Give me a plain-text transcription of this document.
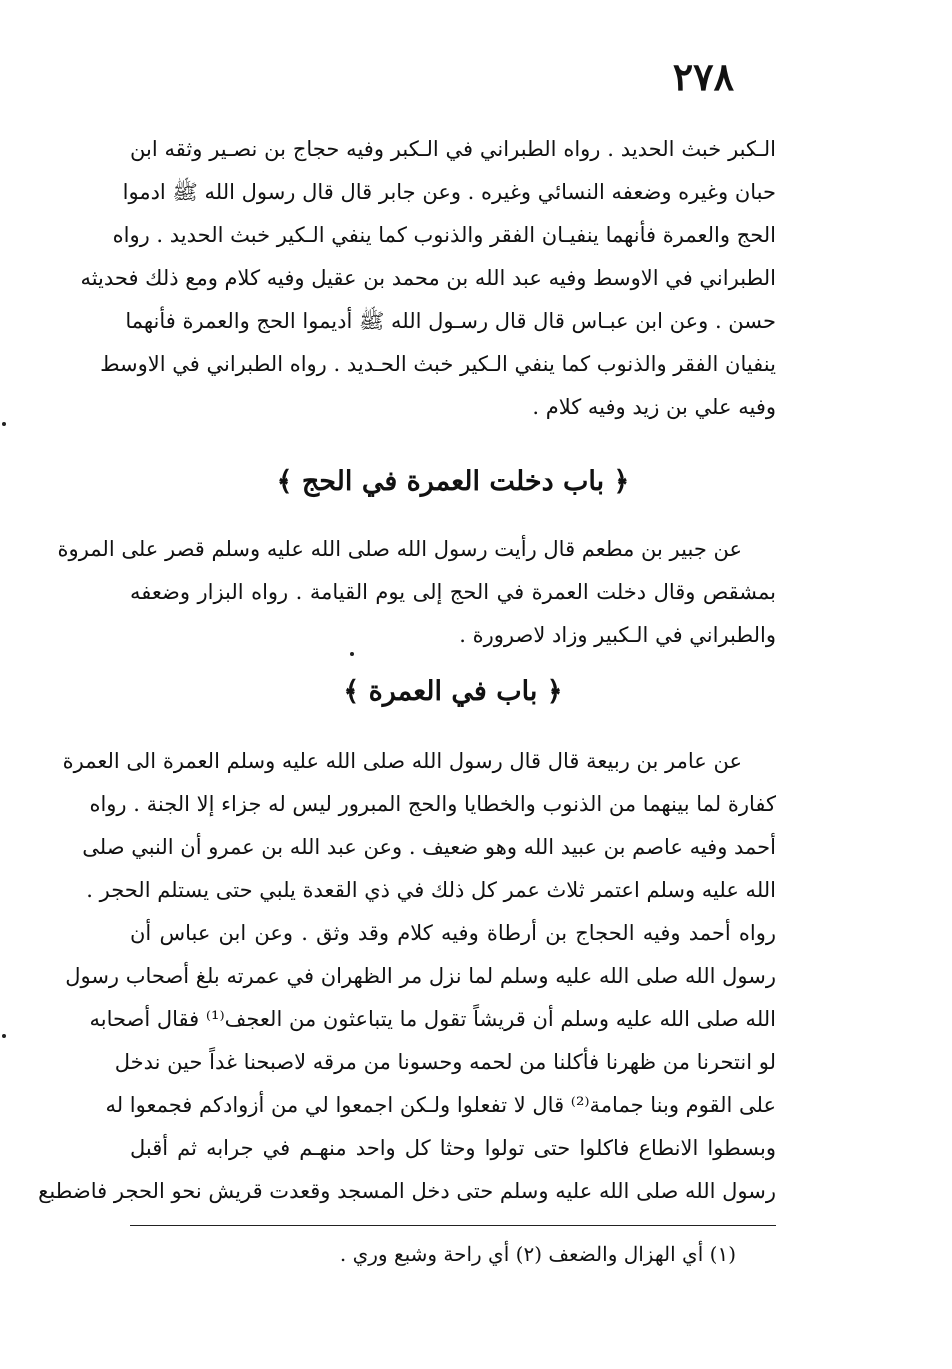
٢٧٨
الـكبر خبث الحديد . رواه الطبراني في الـكبر وفيه حجاج بن نصـير وثقه ابن
حبان وغيره وضعفه النسائي وغيره . وعن جابر قال قال رسول الله ﷺ ادموا
الحج والعمرة فأنهما ينفيـان الفقر والذنوب كما ينفي الـكير خبث الحديد . رواه
الطبراني في الاوسط وفيه عبد الله بن محمد بن عقيل وفيه كلام ومع ذلك فحديثه
حسن . وعن ابن عبـاس قال قال رسـول الله ﷺ أديموا الحج والعمرة فأنهما
ينفيان الفقر والذنوب كما ينفي الـكير خبث الحـديد . رواه الطبراني في الاوسط
وفيه علي بن زيد وفيه كلام .
﴿ باب دخلت العمرة في الحج ﴾
عن جبير بن مطعم قال رأيت رسول الله صلى الله عليه وسلم قصر على المروة
بمشقص وقال دخلت العمرة في الحج إلى يوم القيامة . رواه البزار وضعفه
والطبراني في الـكبير وزاد لاصرورة .
﴿ باب في العمرة ﴾
عن عامر بن ربيعة قال قال رسول الله صلى الله عليه وسلم العمرة الى العمرة
كفارة لما بينهما من الذنوب والخطايا والحج المبرور ليس له جزاء إلا الجنة . رواه
أحمد وفيه عاصم بن عبيد الله وهو ضعيف . وعن عبد الله بن عمرو أن النبي صلى
الله عليه وسلم اعتمر ثلاث عمر كل ذلك في ذي القعدة يلبي حتى يستلم الحجر .
رواه أحمد وفيه الحجاج بن أرطاة وفيه كلام وقد وثق . وعن ابن عباس أن
رسول الله صلى الله عليه وسلم لما نزل مر الظهران في عمرته بلغ أصحاب رسول
الله صلى الله عليه وسلم أن قريشاً تقول ما يتباعثون من العجف⁽¹⁾ فقال أصحابه
لو انتحرنا من ظهرنا فأكلنا من لحمه وحسونا من مرقه لاصبحنا غداً حين ندخل
على القوم وبنا جمامة⁽²⁾ قال لا تفعلوا ولـكن اجمعوا لي من أزوادكم فجمعوا له
وبسطوا الانطاع فاكلوا حتى تولوا وحثا كل واحد منهـم في جرابه ثم أقبل
رسول الله صلى الله عليه وسلم حتى دخل المسجد وقعدت قريش نحو الحجر فاضطبع
(١) أي الهزال والضعف (٢) أي راحة وشبع وري .
